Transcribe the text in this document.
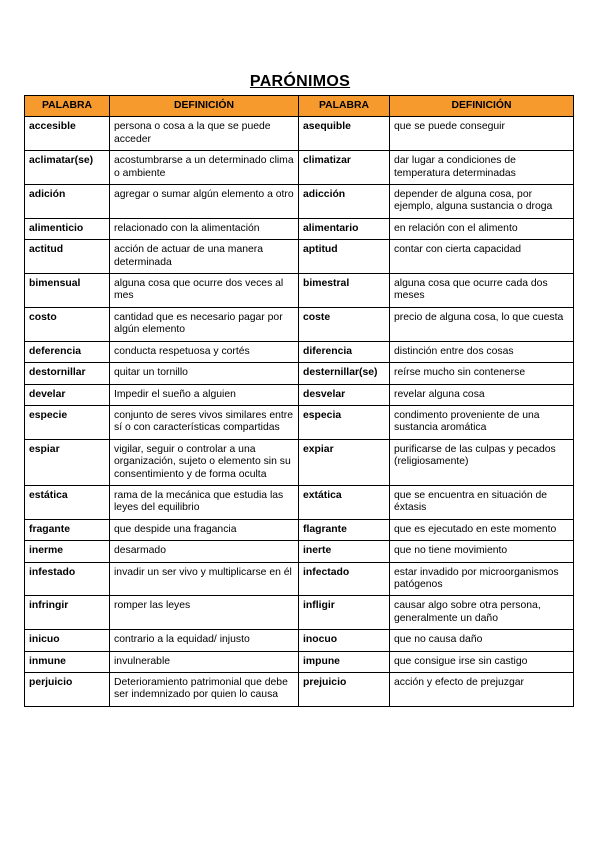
PARÓNIMOS
PALABRA	DEFINICIÓN	PALABRA	DEFINICIÓN
accesible	persona o cosa a la que se puede acceder	asequible	que se puede conseguir
aclimatar(se)	acostumbrarse a un determinado clima o ambiente	climatizar	dar lugar a condiciones de temperatura determinadas
adición	agregar o sumar algún elemento a otro	adicción	depender de alguna cosa, por ejemplo, alguna sustancia o droga
alimenticio	relacionado con la alimentación	alimentario	en relación con el alimento
actitud	acción de actuar de una manera determinada	aptitud	contar con cierta capacidad
bimensual	alguna cosa que ocurre dos veces al mes	bimestral	alguna cosa que ocurre cada dos meses
costo	cantidad que es necesario pagar por algún elemento	coste	precio de alguna cosa, lo que cuesta
deferencia	conducta respetuosa y cortés	diferencia	distinción entre dos cosas
destornillar	quitar un tornillo	desternillar(se)	reírse mucho sin contenerse
develar	Impedir el sueño a alguien	desvelar	revelar alguna cosa
especie	conjunto de seres vivos similares entre sí o con características compartidas	especia	condimento proveniente de una sustancia aromática
espiar	vigilar, seguir o controlar a una organización, sujeto o elemento sin su consentimiento y de forma oculta	expiar	purificarse de las culpas y pecados (religiosamente)
estática	rama de la mecánica que estudia las leyes del equilibrio	extática	que se encuentra en situación de éxtasis
fragante	que despide una fragancia	flagrante	que es ejecutado en este momento
inerme	desarmado	inerte	que no tiene movimiento
infestado	invadir un ser vivo y multiplicarse en él	infectado	estar invadido por microorganismos patógenos
infringir	romper las leyes	infligir	causar algo sobre otra persona, generalmente un daño
inicuo	contrario a la equidad/ injusto	inocuo	que no causa daño
inmune	invulnerable	impune	que consigue irse sin castigo
perjuicio	Deterioramiento patrimonial que debe ser indemnizado por quien lo causa	prejuicio	acción y efecto de prejuzgar
